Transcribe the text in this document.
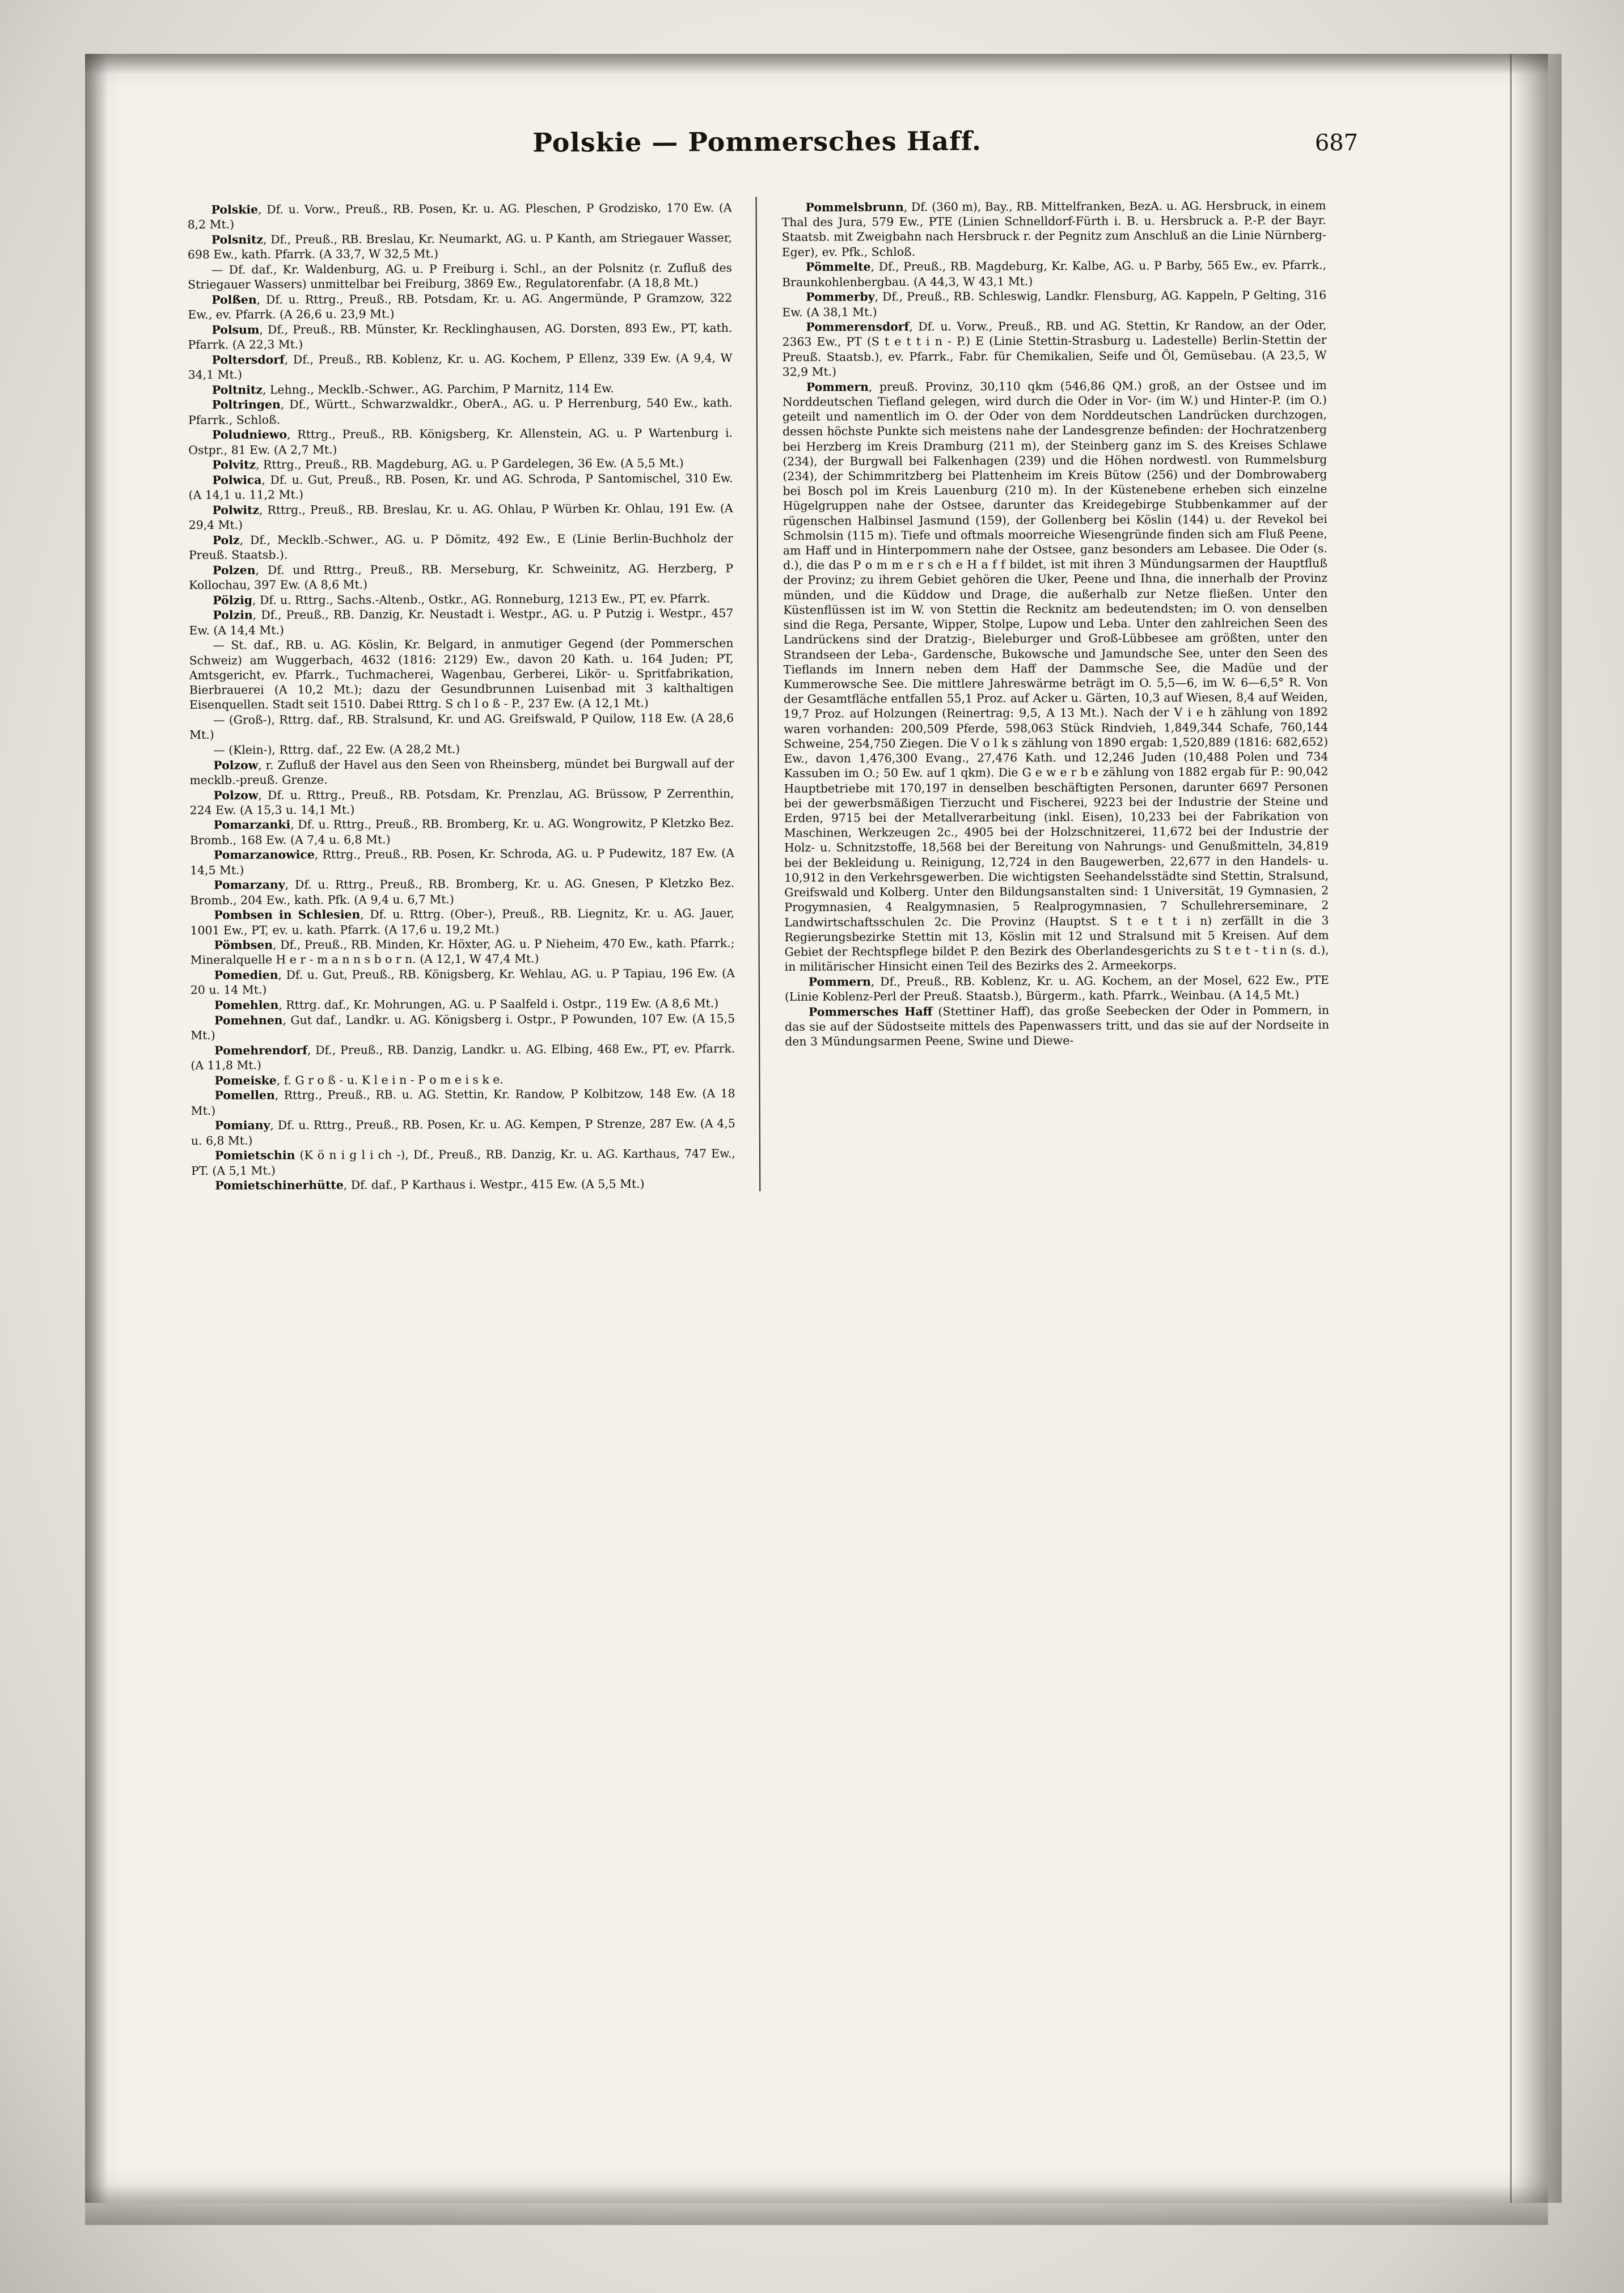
Polskie — Pommersches Haff.	687

Polskie, Df. u. Vorw., Preuß., RB. Posen, Kr. u. AG. Pleschen, P Grodzisko, 170 Ew. (A 8,2 Mt.)

Polsnitz, Df., Preuß., RB. Breslau, Kr. Neumarkt, AG. u. P Kanth, am Striegauer Wasser, 698 Ew., kath. Pfarrk. (A 33,7, W 32,5 Mt.)

— Df. daf., Kr. Waldenburg, AG. u. P Freiburg i. Schl., an der Polsnitz (r. Zufluß des Striegauer Wassers) unmittelbar bei Freiburg, 3869 Ew., Regulatorenfabr. (A 18,8 Mt.)

Polßen, Df. u. Rttrg., Preuß., RB. Potsdam, Kr. u. AG. Angermünde, P Gramzow, 322 Ew., ev. Pfarrk. (A 26,6 u. 23,9 Mt.)

Polsum, Df., Preuß., RB. Münster, Kr. Recklinghausen, AG. Dorsten, 893 Ew., PT, kath. Pfarrk. (A 22,3 Mt.)

Poltersdorf, Df., Preuß., RB. Koblenz, Kr. u. AG. Kochem, P Ellenz, 339 Ew. (A 9,4, W 34,1 Mt.)

Poltnitz, Lehng., Mecklb.-Schwer., AG. Parchim, P Marnitz, 114 Ew.

Poltringen, Df., Württ., Schwarzwaldkr., OberA., AG. u. P Herrenburg, 540 Ew., kath. Pfarrk., Schloß.

Poludniewo, Rttrg., Preuß., RB. Königsberg, Kr. Allenstein, AG. u. P Wartenburg i. Ostpr., 81 Ew. (A 2,7 Mt.)

Polvitz, Rttrg., Preuß., RB. Magdeburg, AG. u. P Gardelegen, 36 Ew. (A 5,5 Mt.)

Polwica, Df. u. Gut, Preuß., RB. Posen, Kr. und AG. Schroda, P Santomischel, 310 Ew. (A 14,1 u. 11,2 Mt.)

Polwitz, Rttrg., Preuß., RB. Breslau, Kr. u. AG. Ohlau, P Würben Kr. Ohlau, 191 Ew. (A 29,4 Mt.)

Polz, Df., Mecklb.-Schwer., AG. u. P Dömitz, 492 Ew., E (Linie Berlin-Buchholz der Preuß. Staatsb.).

Polzen, Df. und Rttrg., Preuß., RB. Merseburg, Kr. Schweinitz, AG. Herzberg, P Kollochau, 397 Ew. (A 8,6 Mt.)

Pölzig, Df. u. Rttrg., Sachs.-Altenb., Ostkr., AG. Ronneburg, 1213 Ew., PT, ev. Pfarrk.

Polzin, Df., Preuß., RB. Danzig, Kr. Neustadt i. Westpr., AG. u. P Putzig i. Westpr., 457 Ew. (A 14,4 Mt.)

— St. daf., RB. u. AG. Köslin, Kr. Belgard, in anmutiger Gegend (der Pommerschen Schweiz) am Wuggerbach, 4632 (1816: 2129) Ew., davon 20 Kath. u. 164 Juden; PT, Amtsgericht, ev. Pfarrk., Tuchmacherei, Wagenbau, Gerberei, Likör- u. Spritfabrikation, Bierbrauerei (A 10,2 Mt.); dazu der Gesundbrunnen Luisenbad mit 3 kalthaltigen Eisenquellen. Stadt seit 1510. Dabei Rttrg. S ch l o ß - P., 237 Ew. (A 12,1 Mt.)

— (Groß-), Rttrg. daf., RB. Stralsund, Kr. und AG. Greifswald, P Quilow, 118 Ew. (A 28,6 Mt.)

— (Klein-), Rttrg. daf., 22 Ew. (A 28,2 Mt.)

Polzow, r. Zufluß der Havel aus den Seen von Rheinsberg, mündet bei Burgwall auf der mecklb.-preuß. Grenze.

Polzow, Df. u. Rttrg., Preuß., RB. Potsdam, Kr. Prenzlau, AG. Brüssow, P Zerrenthin, 224 Ew. (A 15,3 u. 14,1 Mt.)

Pomarzanki, Df. u. Rttrg., Preuß., RB. Bromberg, Kr. u. AG. Wongrowitz, P Kletzko Bez. Bromb., 168 Ew. (A 7,4 u. 6,8 Mt.)

Pomarzanowice, Rttrg., Preuß., RB. Posen, Kr. Schroda, AG. u. P Pudewitz, 187 Ew. (A 14,5 Mt.)

Pomarzany, Df. u. Rttrg., Preuß., RB. Bromberg, Kr. u. AG. Gnesen, P Kletzko Bez. Bromb., 204 Ew., kath. Pfk. (A 9,4 u. 6,7 Mt.)

Pombsen in Schlesien, Df. u. Rttrg. (Ober-), Preuß., RB. Liegnitz, Kr. u. AG. Jauer, 1001 Ew., PT, ev. u. kath. Pfarrk. (A 17,6 u. 19,2 Mt.)

Pömbsen, Df., Preuß., RB. Minden, Kr. Höxter, AG. u. P Nieheim, 470 Ew., kath. Pfarrk.; Mineralquelle H e r - m a n n s b o r n. (A 12,1, W 47,4 Mt.)

Pomedien, Df. u. Gut, Preuß., RB. Königsberg, Kr. Wehlau, AG. u. P Tapiau, 196 Ew. (A 20 u. 14 Mt.)

Pomehlen, Rttrg. daf., Kr. Mohrungen, AG. u. P Saalfeld i. Ostpr., 119 Ew. (A 8,6 Mt.)

Pomehnen, Gut daf., Landkr. u. AG. Königsberg i. Ostpr., P Powunden, 107 Ew. (A 15,5 Mt.)

Pomehrendorf, Df., Preuß., RB. Danzig, Landkr. u. AG. Elbing, 468 Ew., PT, ev. Pfarrk. (A 11,8 Mt.)

Pomeiske, f. G r o ß - u. K l e i n - P o m e i s k e.

Pomellen, Rttrg., Preuß., RB. u. AG. Stettin, Kr. Randow, P Kolbitzow, 148 Ew. (A 18 Mt.)

Pomiany, Df. u. Rttrg., Preuß., RB. Posen, Kr. u. AG. Kempen, P Strenze, 287 Ew. (A 4,5 u. 6,8 Mt.)

Pomietschin (K ö n i g l i ch -), Df., Preuß., RB. Danzig, Kr. u. AG. Karthaus, 747 Ew., PT. (A 5,1 Mt.)

Pomietschinerhütte, Df. daf., P Karthaus i. Westpr., 415 Ew. (A 5,5 Mt.)

Pommelsbrunn, Df. (360 m), Bay., RB. Mittelfranken, BezA. u. AG. Hersbruck, in einem Thal des Jura, 579 Ew., PTE (Linien Schnelldorf-Fürth i. B. u. Hersbruck a. P.-P. der Bayr. Staatsb. mit Zweigbahn nach Hersbruck r. der Pegnitz zum Anschluß an die Linie Nürnberg-Eger), ev. Pfk., Schloß.

Pömmelte, Df., Preuß., RB. Magdeburg, Kr. Kalbe, AG. u. P Barby, 565 Ew., ev. Pfarrk., Braunkohlenbergbau. (A 44,3, W 43,1 Mt.)

Pommerby, Df., Preuß., RB. Schleswig, Landkr. Flensburg, AG. Kappeln, P Gelting, 316 Ew. (A 38,1 Mt.)

Pommerensdorf, Df. u. Vorw., Preuß., RB. und AG. Stettin, Kr Randow, an der Oder, 2363 Ew., PT (S t e t t i n - P.) E (Linie Stettin-Strasburg u. Ladestelle) Berlin-Stettin der Preuß. Staatsb.), ev. Pfarrk., Fabr. für Chemikalien, Seife und Öl, Gemüsebau. (A 23,5, W 32,9 Mt.)

Pommern, preuß. Provinz, 30,110 qkm (546,86 QM.) groß, an der Ostsee und im Norddeutschen Tiefland gelegen, wird durch die Oder in Vor- (im W.) und Hinter-P. (im O.) geteilt und namentlich im O. der Oder von dem Norddeutschen Landrücken durchzogen, dessen höchste Punkte sich meistens nahe der Landesgrenze befinden: der Hochratzenberg bei Herzberg im Kreis Dramburg (211 m), der Steinberg ganz im S. des Kreises Schlawe (234), der Burgwall bei Falkenhagen (239) und die Höhen nordwestl. von Rummelsburg (234), der Schimmritzberg bei Plattenheim im Kreis Bütow (256) und der Dombrowaberg bei Bosch pol im Kreis Lauenburg (210 m). In der Küstenebene erheben sich einzelne Hügelgruppen nahe der Ostsee, darunter das Kreidegebirge Stubbenkammer auf der rügenschen Halbinsel Jasmund (159), der Gollenberg bei Köslin (144) u. der Revekol bei Schmolsin (115 m). Tiefe und oftmals moorreiche Wiesengründe finden sich am Fluß Peene, am Haff und in Hinterpommern nahe der Ostsee, ganz besonders am Lebasee. Die Oder (s. d.), die das P o m m e r s ch e H a f f bildet, ist mit ihren 3 Mündungsarmen der Hauptfluß der Provinz; zu ihrem Gebiet gehören die Uker, Peene und Ihna, die innerhalb der Provinz münden, und die Küddow und Drage, die außerhalb zur Netze fließen. Unter den Küstenflüssen ist im W. von Stettin die Recknitz am bedeutendsten; im O. von denselben sind die Rega, Persante, Wipper, Stolpe, Lupow und Leba. Unter den zahlreichen Seen des Landrückens sind der Dratzig-, Bieleburger und Groß-Lübbesee am größten, unter den Strandseen der Leba-, Gardensche, Bukowsche und Jamundsche See, unter den Seen des Tieflands im Innern neben dem Haff der Dammsche See, die Madüe und der Kummerowsche See. Die mittlere Jahreswärme beträgt im O. 5,5—6, im W. 6—6,5° R. Von der Gesamtfläche entfallen 55,1 Proz. auf Acker u. Gärten, 10,3 auf Wiesen, 8,4 auf Weiden, 19,7 Proz. auf Holzungen (Reinertrag: 9,5, A 13 Mt.). Nach der V i e h zählung von 1892 waren vorhanden: 200,509 Pferde, 598,063 Stück Rindvieh, 1,849,344 Schafe, 760,144 Schweine, 254,750 Ziegen. Die V o l k s zählung von 1890 ergab: 1,520,889 (1816: 682,652) Ew., davon 1,476,300 Evang., 27,476 Kath. und 12,246 Juden (10,488 Polen und 734 Kassuben im O.; 50 Ew. auf 1 qkm). Die G e w e r b e zählung von 1882 ergab für P.: 90,042 Hauptbetriebe mit 170,197 in denselben beschäftigten Personen, darunter 6697 Personen bei der gewerbsmäßigen Tierzucht und Fischerei, 9223 bei der Industrie der Steine und Erden, 9715 bei der Metallverarbeitung (inkl. Eisen), 10,233 bei der Fabrikation von Maschinen, Werkzeugen 2c., 4905 bei der Holzschnitzerei, 11,672 bei der Industrie der Holz- u. Schnitzstoffe, 18,568 bei der Bereitung von Nahrungs- und Genußmitteln, 34,819 bei der Bekleidung u. Reinigung, 12,724 in den Baugewerben, 22,677 in den Handels- u. 10,912 in den Verkehrsgewerben. Die wichtigsten Seehandelsstädte sind Stettin, Stralsund, Greifswald und Kolberg. Unter den Bildungsanstalten sind: 1 Universität, 19 Gymnasien, 2 Progymnasien, 4 Realgymnasien, 5 Realprogymnasien, 7 Schullehrerseminare, 2 Landwirtschaftsschulen 2c. Die Provinz (Hauptst. S t e t t i n) zerfällt in die 3 Regierungsbezirke Stettin mit 13, Köslin mit 12 und Stralsund mit 5 Kreisen. Auf dem Gebiet der Rechtspflege bildet P. den Bezirk des Oberlandesgerichts zu S t e t - t i n (s. d.), in militärischer Hinsicht einen Teil des Bezirks des 2. Armeekorps.

Pommern, Df., Preuß., RB. Koblenz, Kr. u. AG. Kochem, an der Mosel, 622 Ew., PTE (Linie Koblenz-Perl der Preuß. Staatsb.), Bürgerm., kath. Pfarrk., Weinbau. (A 14,5 Mt.)

Pommersches Haff (Stettiner Haff), das große Seebecken der Oder in Pommern, in das sie auf der Südostseite mittels des Papenwassers tritt, und das sie auf der Nordseite in den 3 Mündungsarmen Peene, Swine und Diewe-
